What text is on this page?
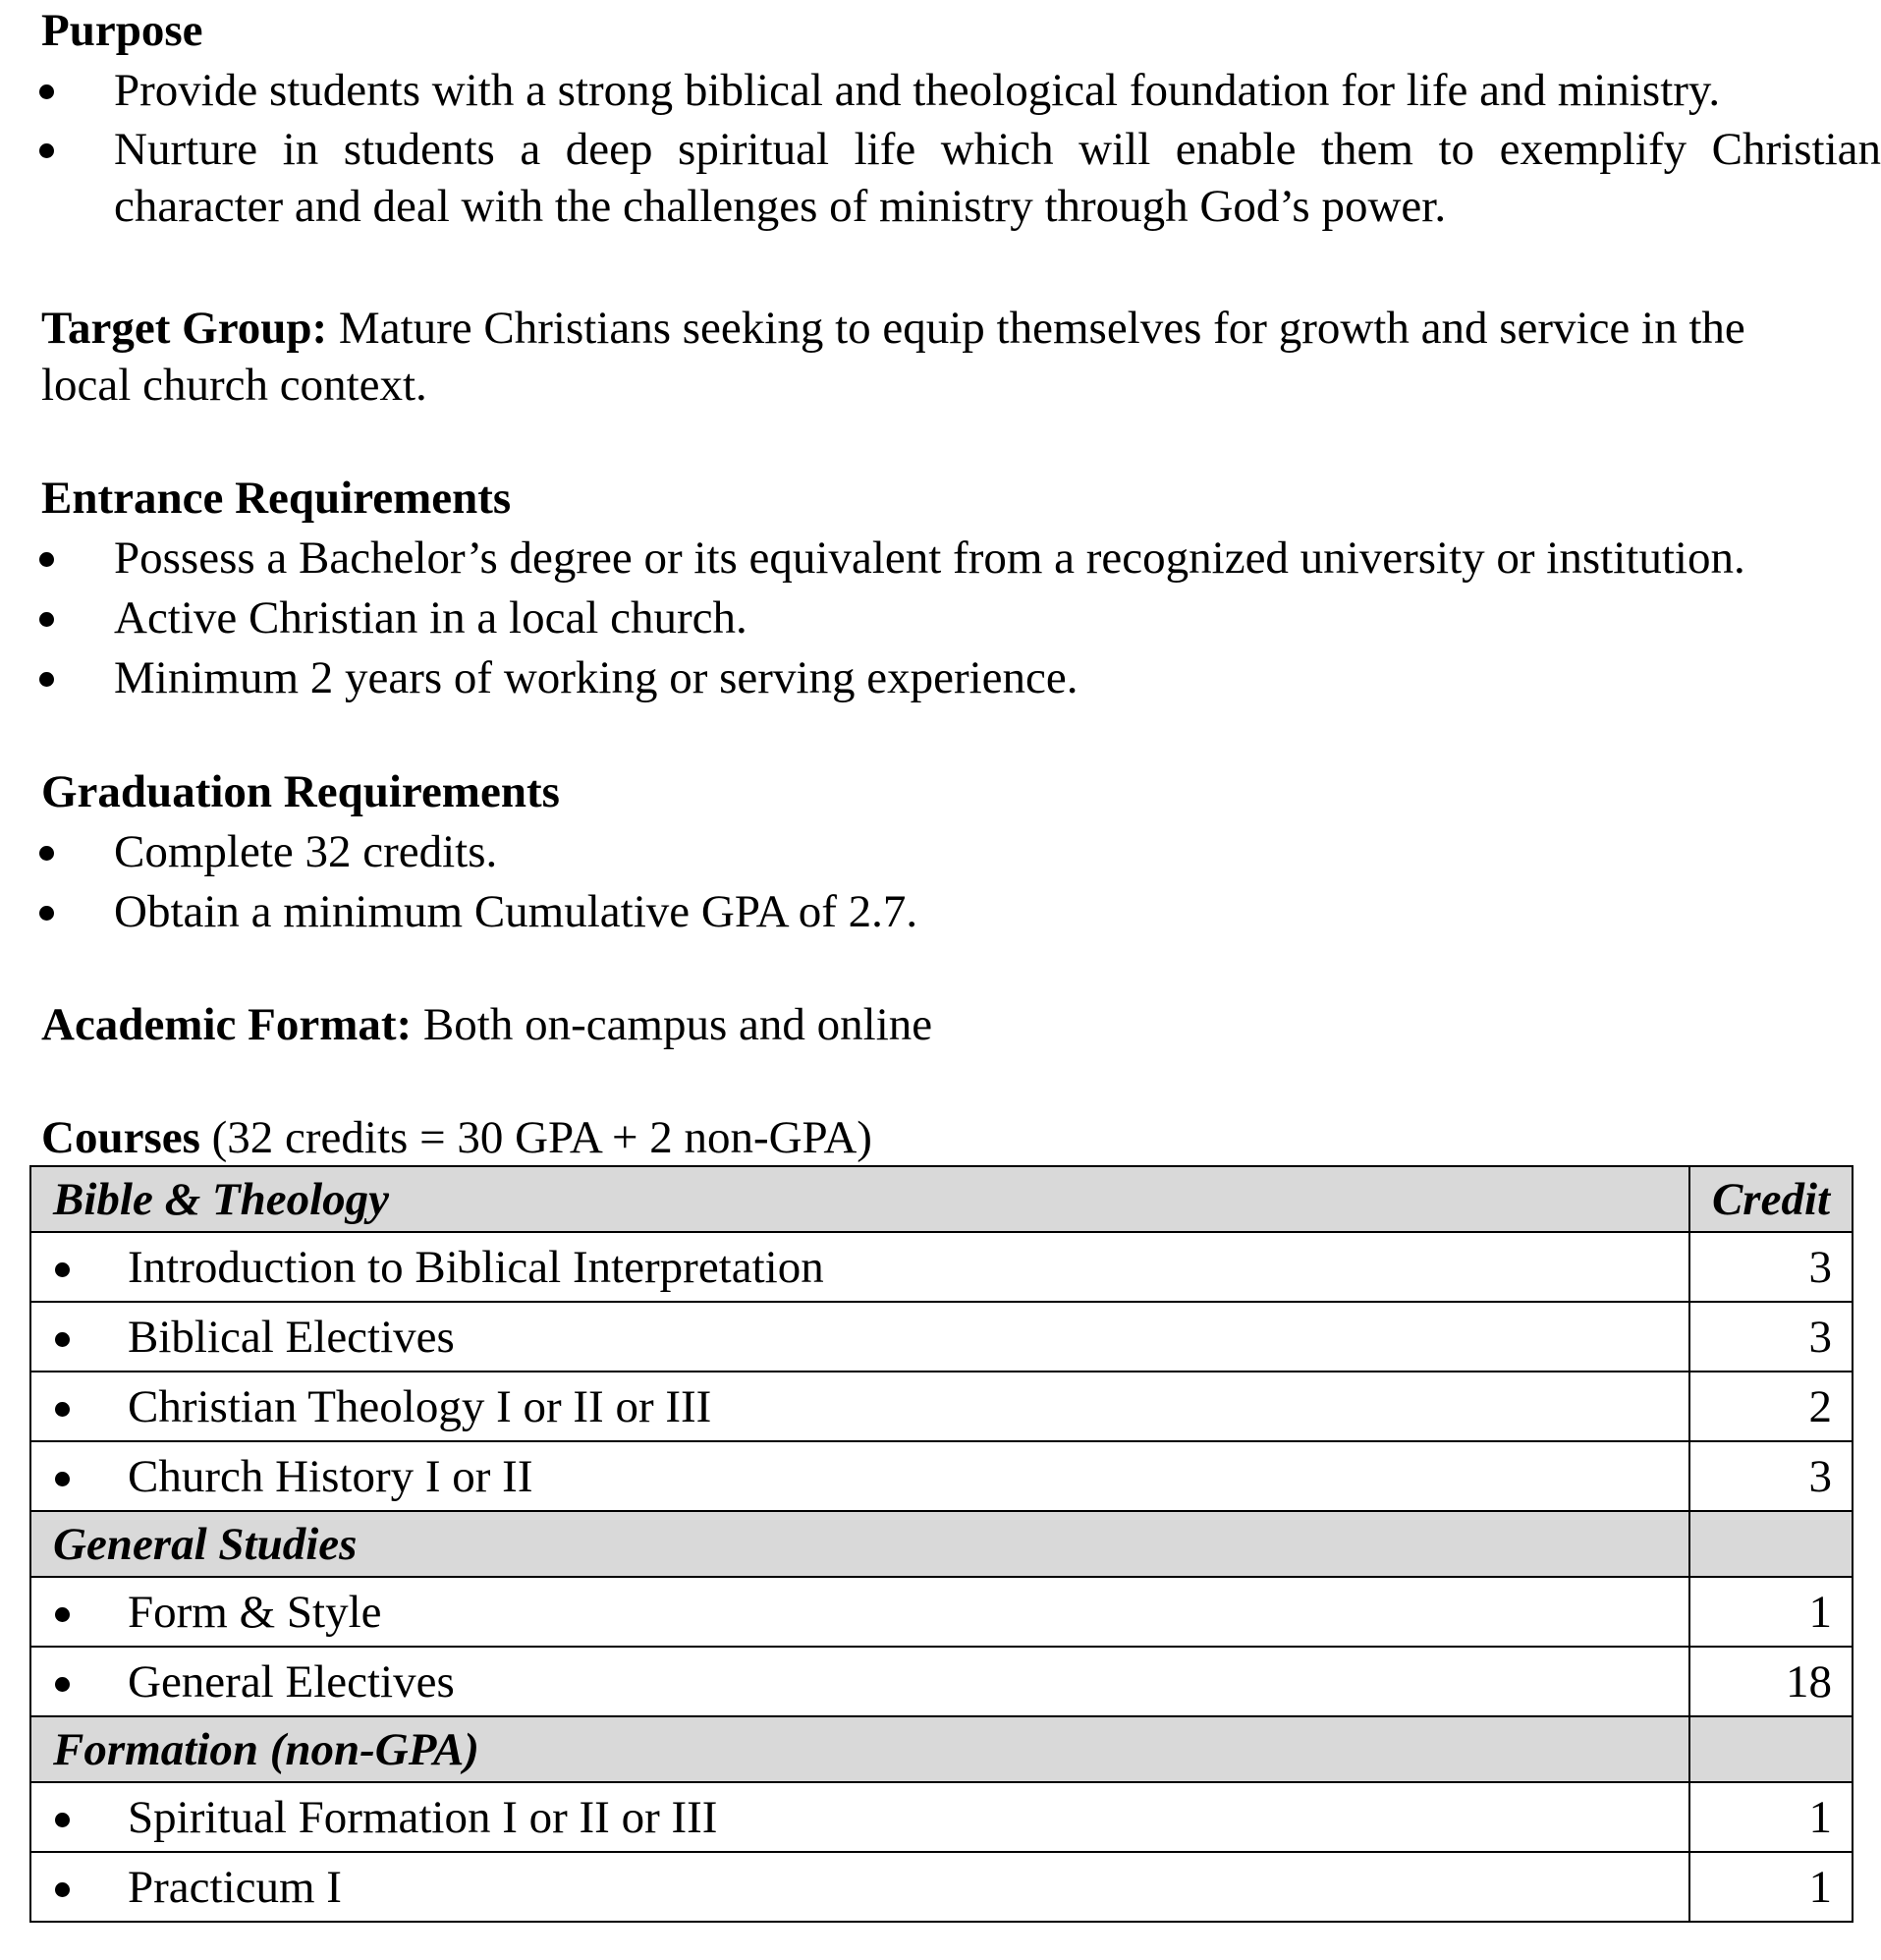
Purpose
Provide students with a strong biblical and theological foundation for life and ministry.
Nurture in students a deep spiritual life which will enable them to exemplify Christian
character and deal with the challenges of ministry through God’s power.
Target Group: Mature Christians seeking to equip themselves for growth and service in the
local church context.
Entrance Requirements
Possess a Bachelor’s degree or its equivalent from a recognized university or institution.
Active Christian in a local church.
Minimum 2 years of working or serving experience.
Graduation Requirements
Complete 32 credits.
Obtain a minimum Cumulative GPA of 2.7.
Academic Format: Both on-campus and online
Courses (32 credits = 30 GPA + 2 non-GPA)
Bible & Theology	Credit

Introduction to Biblical Interpretation	3

Biblical Electives	3

Christian Theology I or II or III	2

Church History I or II	3
General Studies	

Form & Style	1

General Electives	18
Formation (non-GPA)	

Spiritual Formation I or II or III	1

Practicum I	1
